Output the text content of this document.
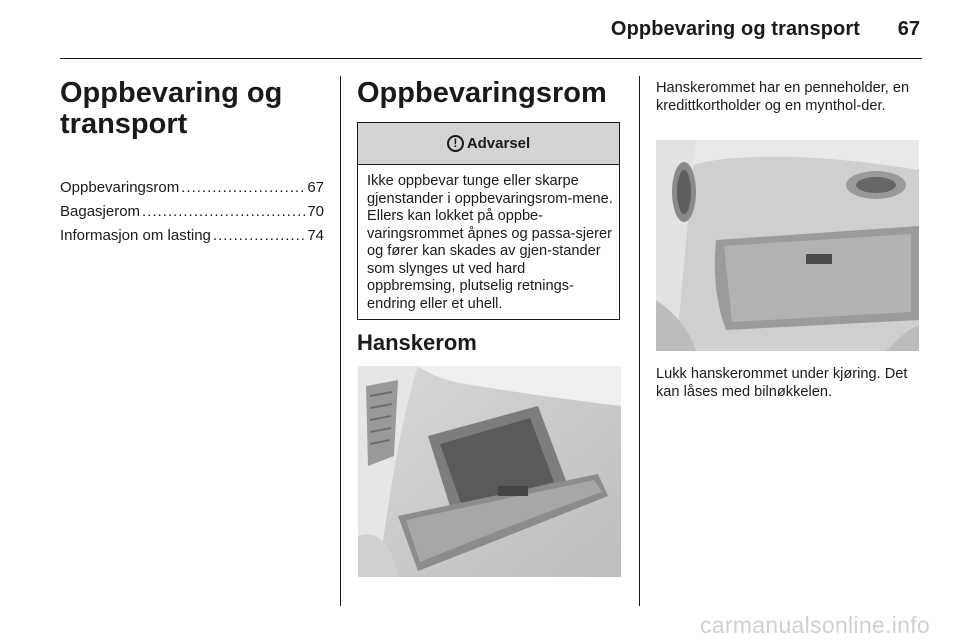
Oppbevaring og transport	67
Oppbevaring og transport
Oppbevaringsrom .....	67
Bagasjerom .....	70
Informasjon om lasting .....	74
Oppbevaringsrom
! Advarsel
Ikke oppbevar tunge eller skarpe gjenstander i oppbevaringsrom-mene. Ellers kan lokket på oppbe-varingsrommet åpnes og passa-sjerer og fører kan skades av gjen-stander som slynges ut ved hard oppbremsing, plutselig retnings-endring eller et uhell.
Hanskerom
Hanskerommet har en penneholder, en kredittkortholder og en mynthol-der.
Lukk hanskerommet under kjøring. Det kan låses med bilnøkkelen.
carmanualsonline.info
